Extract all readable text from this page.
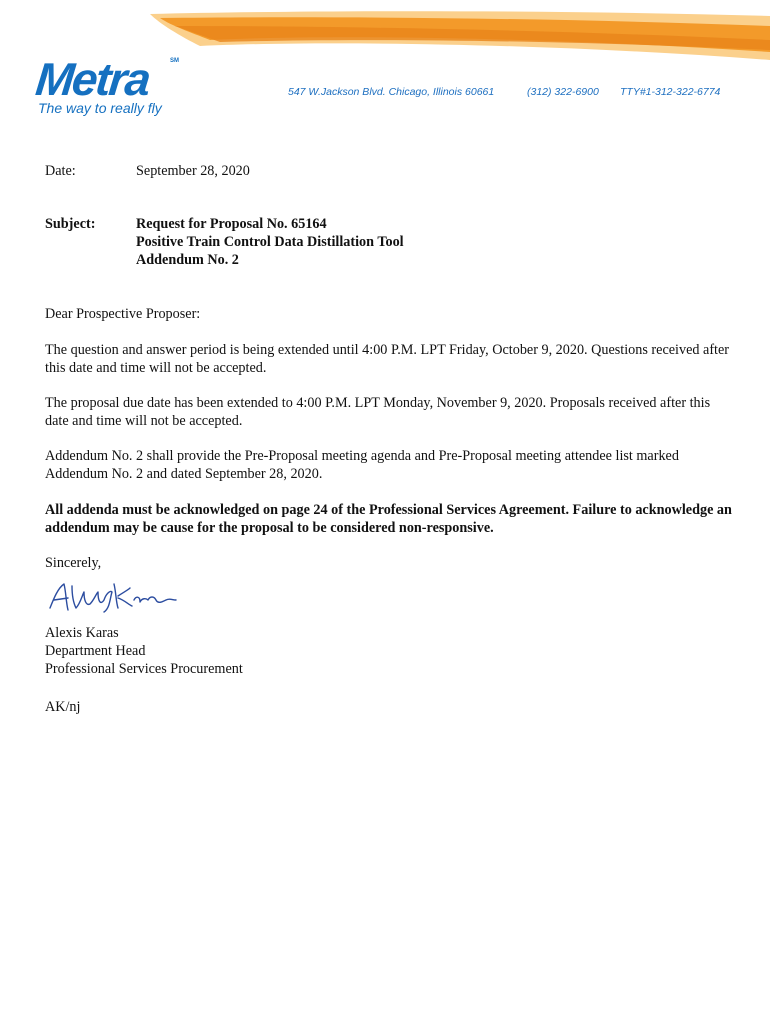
Metra	SM
The way to really fly
547 W.Jackson Blvd. Chicago, Illinois 60661	(312) 322-6900 TTY#1-312-322-6774
Date:	September 28, 2020
Subject:	Request for Proposal No. 65164
Positive Train Control Data Distillation Tool
Addendum No. 2

Dear Prospective Proposer:

The question and answer period is being extended until 4:00 P.M. LPT Friday, October 9, 2020. Questions received after this date and time will not be accepted.

The proposal due date has been extended to 4:00 P.M. LPT Monday, November 9, 2020. Proposals received after this date and time will not be accepted.

Addendum No. 2 shall provide the Pre-Proposal meeting agenda and Pre-Proposal meeting attendee list marked Addendum No. 2 and dated September 28, 2020.

All addenda must be acknowledged on page 24 of the Professional Services Agreement. Failure to acknowledge an addendum may be cause for the proposal to be considered non-responsive.

Sincerely,

Alexis Karas
Department Head
Professional Services Procurement

AK/nj
